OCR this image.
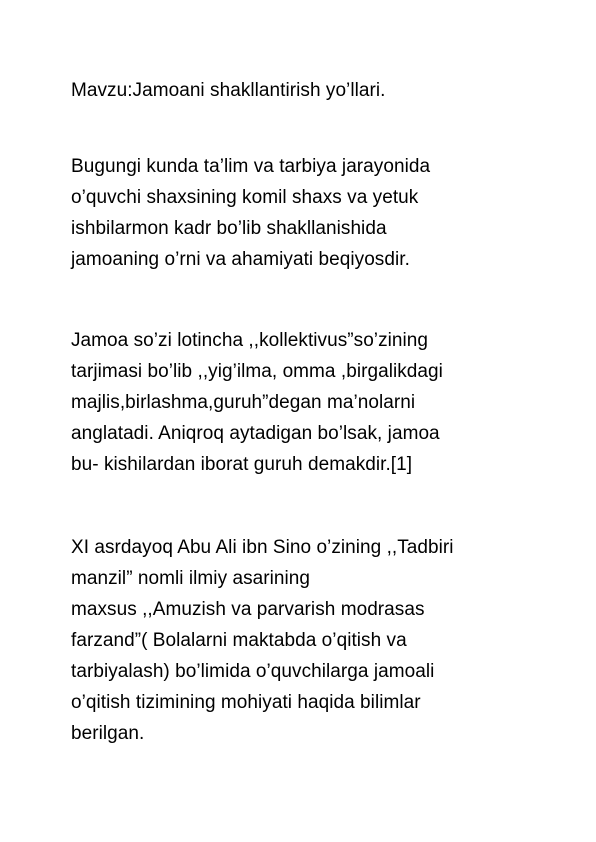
Mavzu:Jamoani shakllantirish yo’llari.
Bugungi kunda ta’lim va tarbiya jarayonida
o’quvchi shaxsining komil shaxs va yetuk
ishbilarmon kadr bo’lib shakllanishida
jamoaning o’rni va ahamiyati beqiyosdir.
Jamoa so’zi lotincha ,,kollektivus”so’zining
tarjimasi bo’lib ,,yig’ilma, omma ,birgalikdagi
majlis,birlashma,guruh”degan ma’nolarni
anglatadi. Aniqroq aytadigan bo’lsak, jamoa
bu- kishilardan iborat guruh demakdir.[1]
XI asrdayoq Abu Ali ibn Sino o’zining ,,Tadbiri
manzil” nomli ilmiy asarining
maxsus ,,Amuzish va parvarish modrasas
farzand”( Bolalarni maktabda o’qitish va
tarbiyalash) bo’limida o’quvchilarga jamoali
o’qitish tizimining mohiyati haqida bilimlar
berilgan.
